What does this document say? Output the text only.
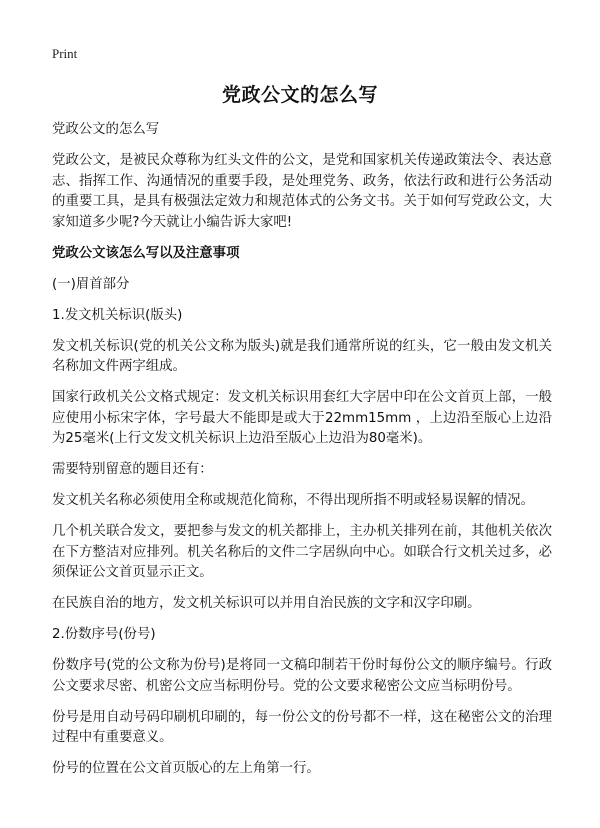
Print
党政公文的怎么写

党政公文的怎么写

党政公文，是被民众尊称为红头文件的公文，是党和国家机关传递政策法令、表达意志、指挥工作、沟通情况的重要手段，是处理党务、政务，依法行政和进行公务活动的重要工具，是具有极强法定效力和规范体式的公务文书。关于如何写党政公文，大家知道多少呢?今天就让小编告诉大家吧!

党政公文该怎么写以及注意事项

(一)眉首部分

1.发文机关标识(版头)

发文机关标识(党的机关公文称为版头)就是我们通常所说的红头，它一般由发文机关名称加文件两字组成。

国家行政机关公文格式规定：发文机关标识用套红大字居中印在公文首页上部，一般应使用小标宋字体，字号最大不能即是或大于22mm15mm ，上边沿至版心上边沿为25毫米(上行文发文机关标识上边沿至版心上边沿为80毫米)。

需要特别留意的题目还有：

发文机关名称必须使用全称或规范化简称，不得出现所指不明或轻易误解的情况。

几个机关联合发文，要把参与发文的机关都排上，主办机关排列在前，其他机关依次在下方整洁对应排列。机关名称后的文件二字居纵向中心。如联合行文机关过多，必须保证公文首页显示正文。

在民族自治的地方，发文机关标识可以并用自治民族的文字和汉字印刷。

2.份数序号(份号)

份数序号(党的公文称为份号)是将同一文稿印制若干份时每份公文的顺序编号。行政公文要求尽密、机密公文应当标明份号。党的公文要求秘密公文应当标明份号。

份号是用自动号码印刷机印刷的，每一份公文的份号都不一样，这在秘密公文的治理过程中有重要意义。

份号的位置在公文首页版心的左上角第一行。
